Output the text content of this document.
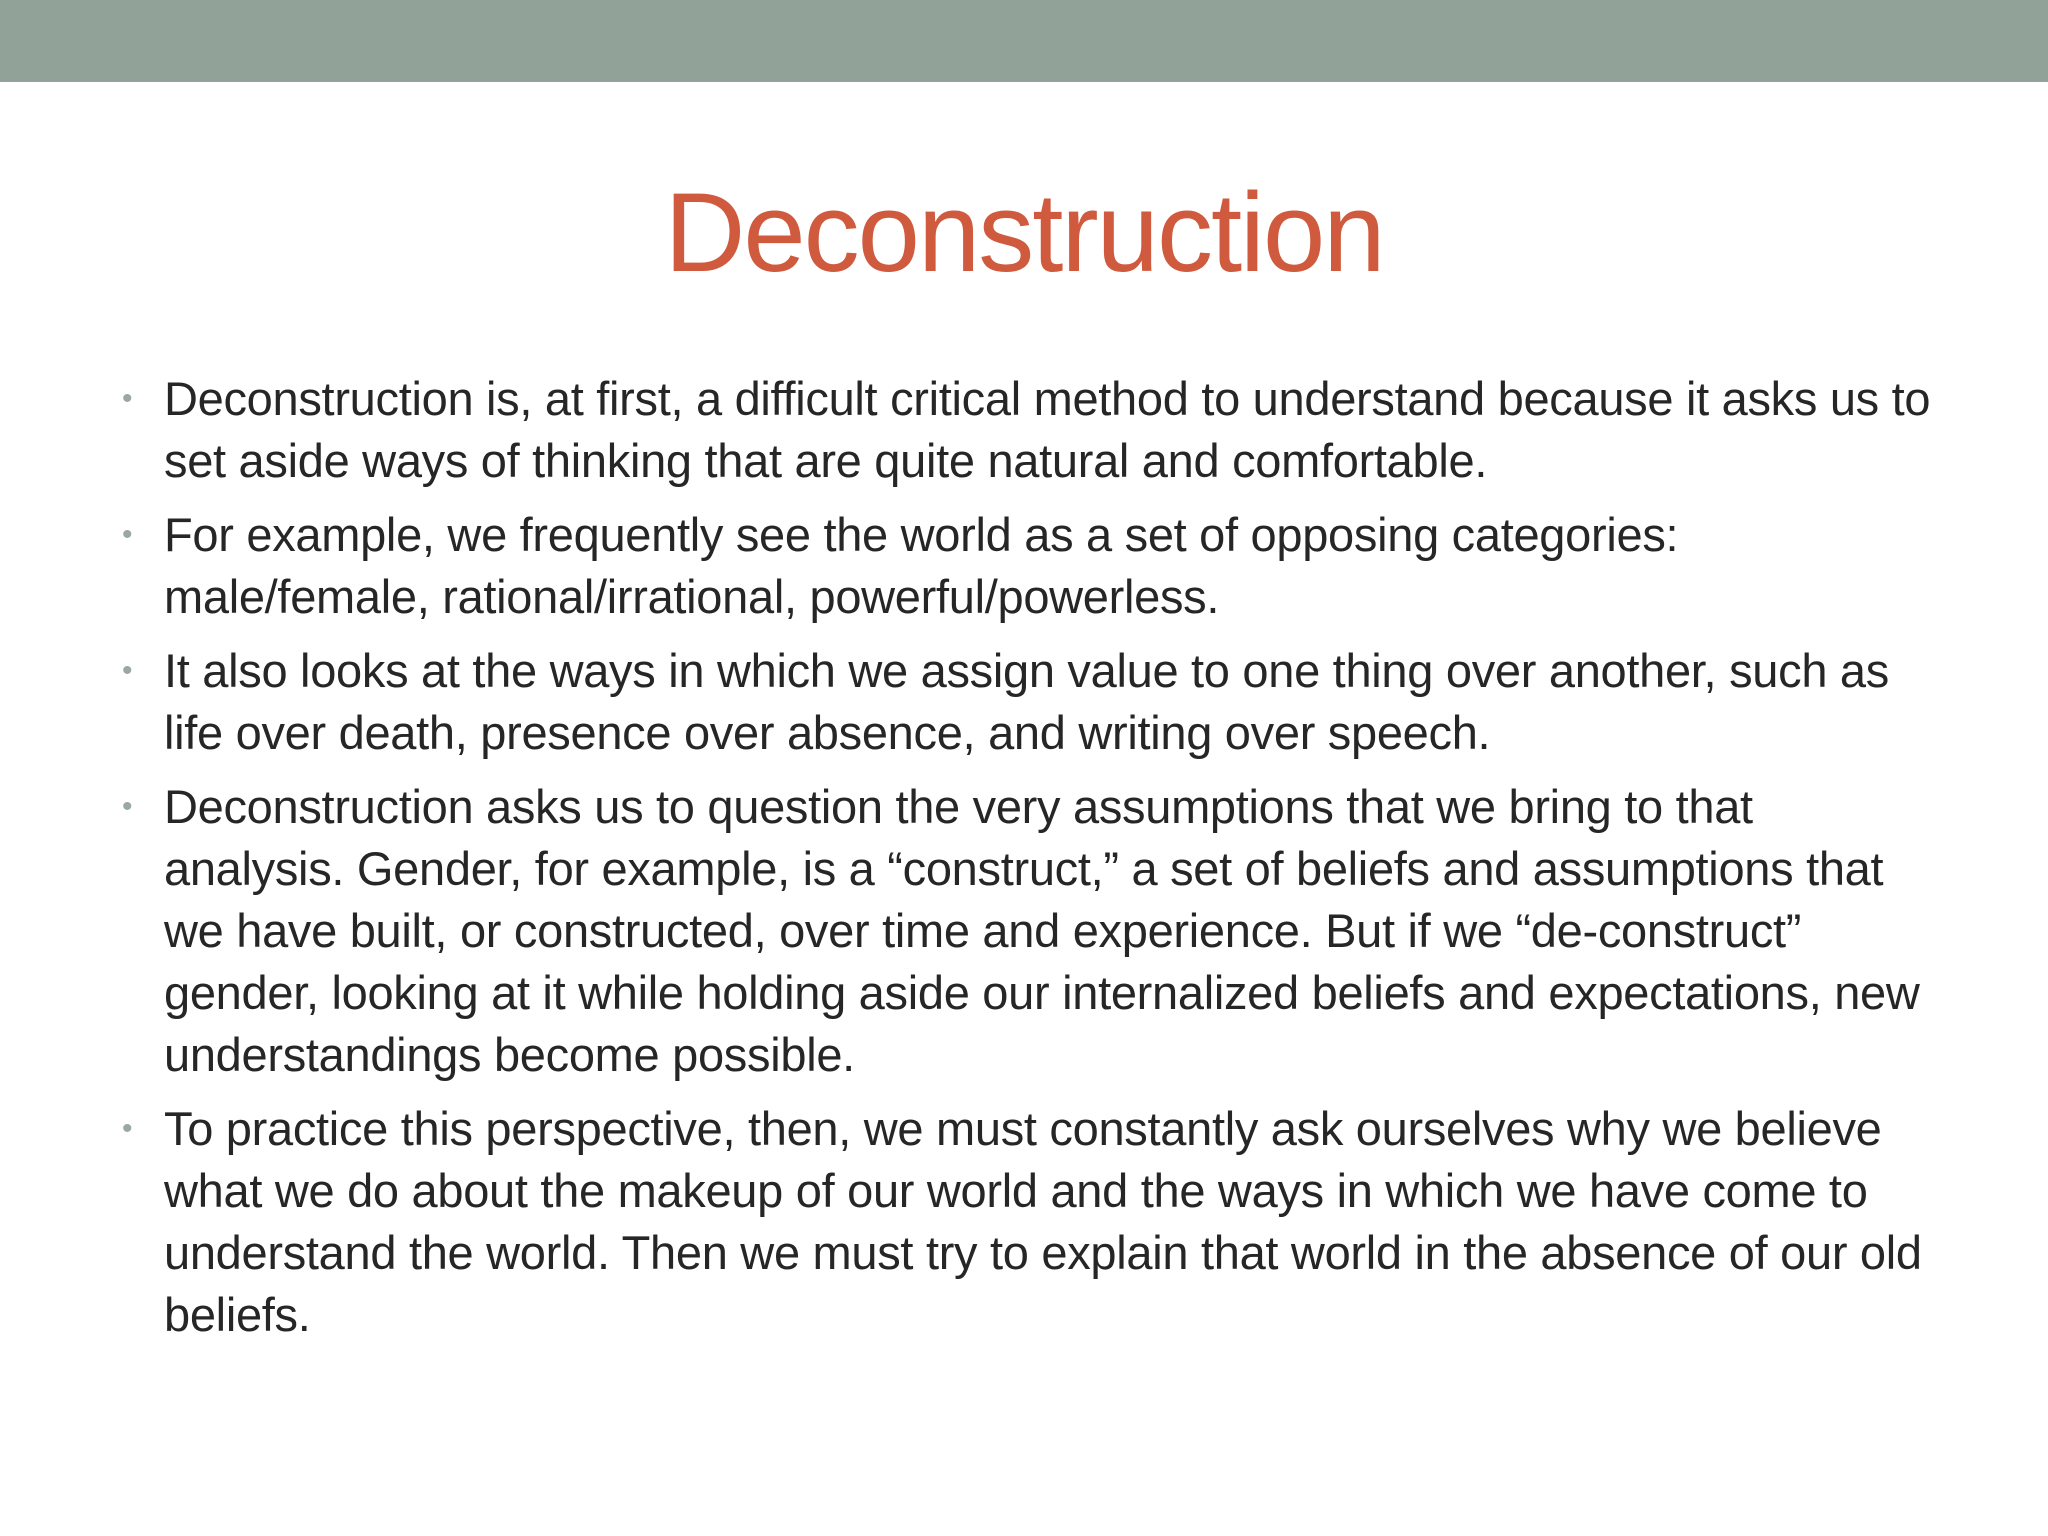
Deconstruction
• Deconstruction is, at first, a difficult critical method to understand because it asks us to set aside ways of thinking that are quite natural and comfortable.
• For example, we frequently see the world as a set of opposing categories: male/female, rational/irrational, powerful/powerless.
• It also looks at the ways in which we assign value to one thing over another, such as life over death, presence over absence, and writing over speech.
• Deconstruction asks us to question the very assumptions that we bring to that analysis. Gender, for example, is a “construct,” a set of beliefs and assumptions that we have built, or constructed, over time and experience. But if we “de-construct” gender, looking at it while holding aside our internalized beliefs and expectations, new understandings become possible.
• To practice this perspective, then, we must constantly ask ourselves why we believe what we do about the makeup of our world and the ways in which we have come to understand the world. Then we must try to explain that world in the absence of our old beliefs.
